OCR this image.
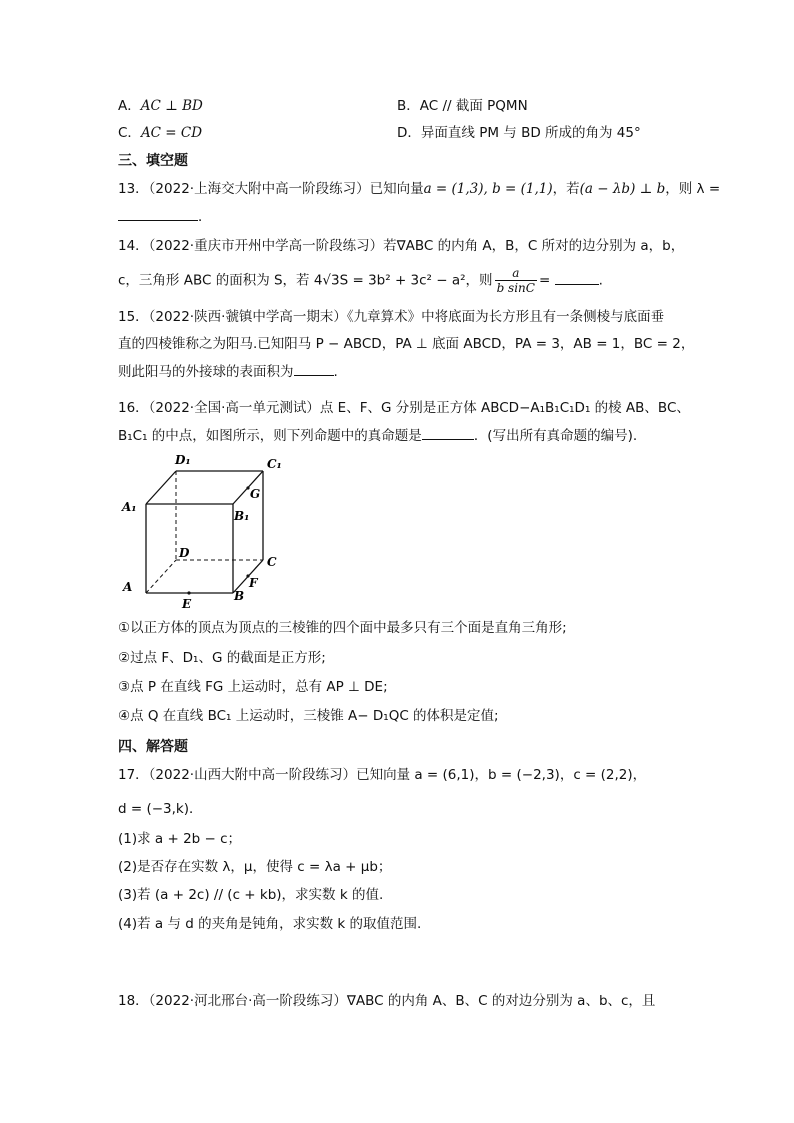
A．AC ⊥ BD	B．AC // 截面 PQMN
C．AC = CD	D．异面直线 PM 与 BD 所成的角为 45°
三、填空题
13．（2022·上海交大附中高一阶段练习）已知向量a = (1,3), b = (1,1)，若(a − λb) ⊥ b，则 λ =
．
14．（2022·重庆市开州中学高一阶段练习）若∇ABC 的内角 A，B，C 所对的边分别为 a，b，
c，三角形 ABC 的面积为 S，若 4√3S = 3b² + 3c² − a²，则 $\frac{a}{\text{b sinC}}$ =	.
15．（2022·陕西·虢镇中学高一期末）《九章算术》中将底面为长方形且有一条侧棱与底面垂
直的四棱锥称之为阳马.已知阳马 P − ABCD，PA ⊥ 底面 ABCD，PA = 3，AB = 1，BC = 2，
则此阳马的外接球的表面积为	.
16．（2022·全国·高一单元测试）点 E、F、G 分别是正方体 ABCD−A₁B₁C₁D₁ 的棱 AB、BC、
B₁C₁ 的中点，如图所示，则下列命题中的真命题是	．(写出所有真命题的编号).
D₁	C₁
G
A₁
B₁
D
C
A	F
E
B
①以正方体的顶点为顶点的三棱锥的四个面中最多只有三个面是直角三角形;
②过点 F、D₁、G 的截面是正方形;
③点 P 在直线 FG 上运动时，总有 AP ⊥ DE;
④点 Q 在直线 BC₁ 上运动时，三棱锥 A− D₁QC 的体积是定值;
四、解答题
17．（2022·山西大附中高一阶段练习）已知向量 a = (6,1)，b = (−2,3)，c = (2,2)，
d = (−3,k)．
(1)求 a + 2b − c；
(2)是否存在实数 λ，μ，使得 c = λa + μb；
(3)若 (a + 2c) // (c + kb)，求实数 k 的值.
(4)若 a 与 d 的夹角是钝角，求实数 k 的取值范围.
18．（2022·河北邢台·高一阶段练习）∇ABC 的内角 A、B、C 的对边分别为 a、b、c，且
